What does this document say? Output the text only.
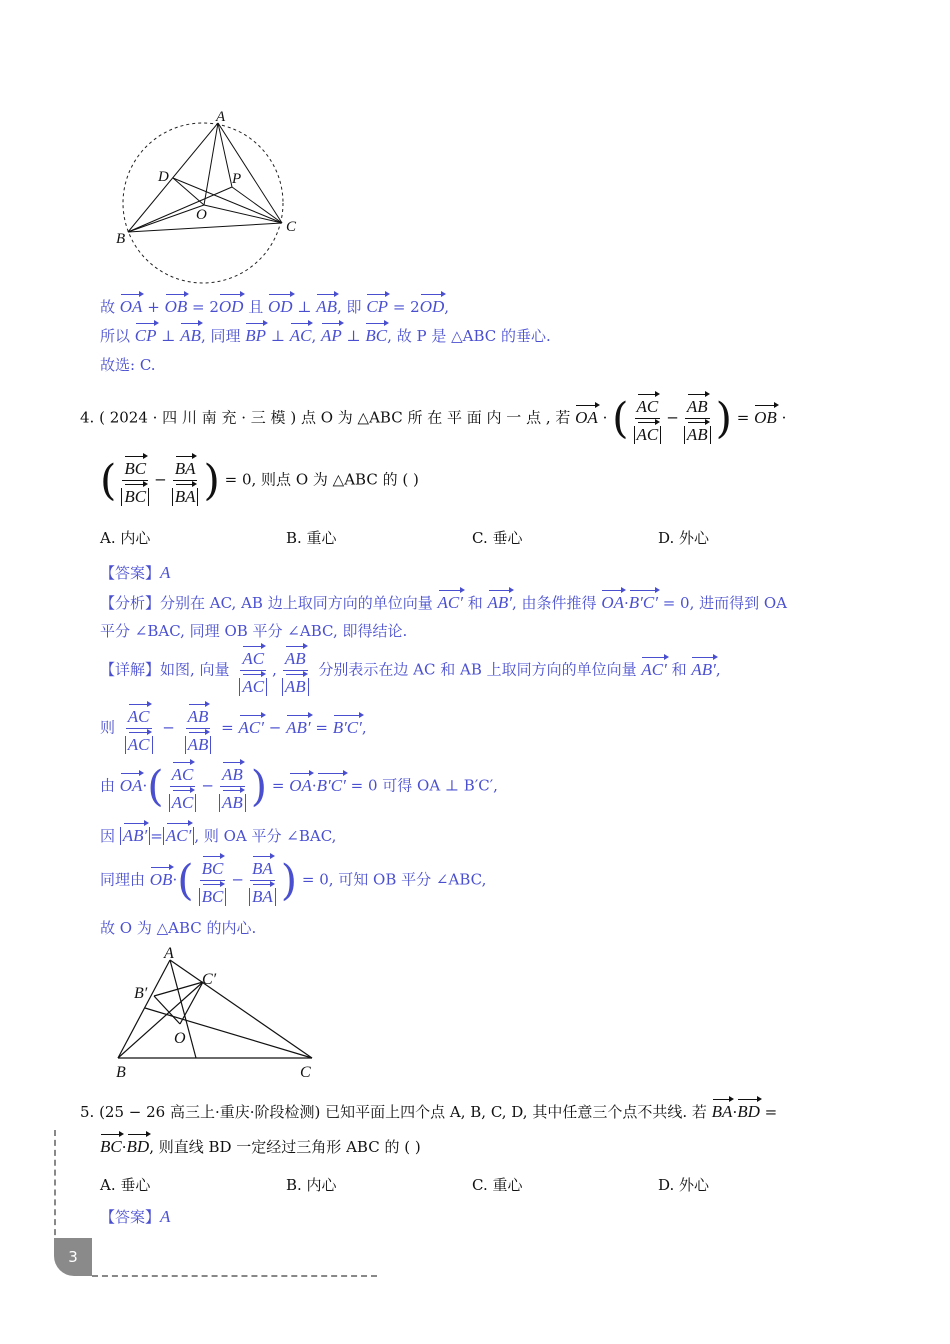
A
B
C
D	P
O
故 OA + OB = 2OD 且 OD ⊥ AB, 即 CP = 2OD,
所以 CP ⊥ AB, 同理 BP ⊥ AC, AP ⊥ BC, 故 P 是 △ABC 的垂心.
故选: C.
4. ( 2024 · 四 川 南 充 · 三 模 ) 点 O 为 △ABC 所 在 平 面 内 一 点 , 若 OA · ( $\frac{AC}{AC} - \frac{AB}{AB}$ ) = OB ·
( $\frac{BC}{BC} - \frac{BA}{BA}$ ) = 0, 则点 O 为 △ABC 的 ( )
A. 内心	B. 重心	C. 垂心	D. 外心
【答案】A
【分析】分别在 AC, AB 边上取同方向的单位向量 AC′ 和 AB′, 由条件推得 OA·B′C′ = 0, 进而得到 OA
平分 ∠BAC, 同理 OB 平分 ∠ABC, 即得结论.
【详解】如图, 向量 $\frac{AC}{AC}$ , $\frac{AB}{AB}$ 分别表示在边 AC 和 AB 上取同方向的单位向量 AC′ 和 AB′,
则 $\frac{AC}{AC} - \frac{AB}{AB} = AC' - AB' = B'C'$,
由 $OA\cdot( \frac{AC}{AC} - \frac{AB}{AB}$ ) = OA·B′C′ = 0 可得 OA ⊥ B′C′,
因 AB′ = AC′ , 则 OA 平分 ∠BAC,
同理由 $OB\cdot( \frac{BC}{BC} - \frac{BA}{BA}$ ) = 0, 可知 OB 平分 ∠ABC,
故 O 为 △ABC 的内心.
A
B	C
B′
C′
O
5. (25 − 26 高三上·重庆·阶段检测) 已知平面上四个点 A, B, C, D, 其中任意三个点不共线. 若 BA·BD =
BC·BD, 则直线 BD 一定经过三角形 ABC 的 ( )
A. 垂心	B. 内心	C. 重心	D. 外心
【答案】A
3
